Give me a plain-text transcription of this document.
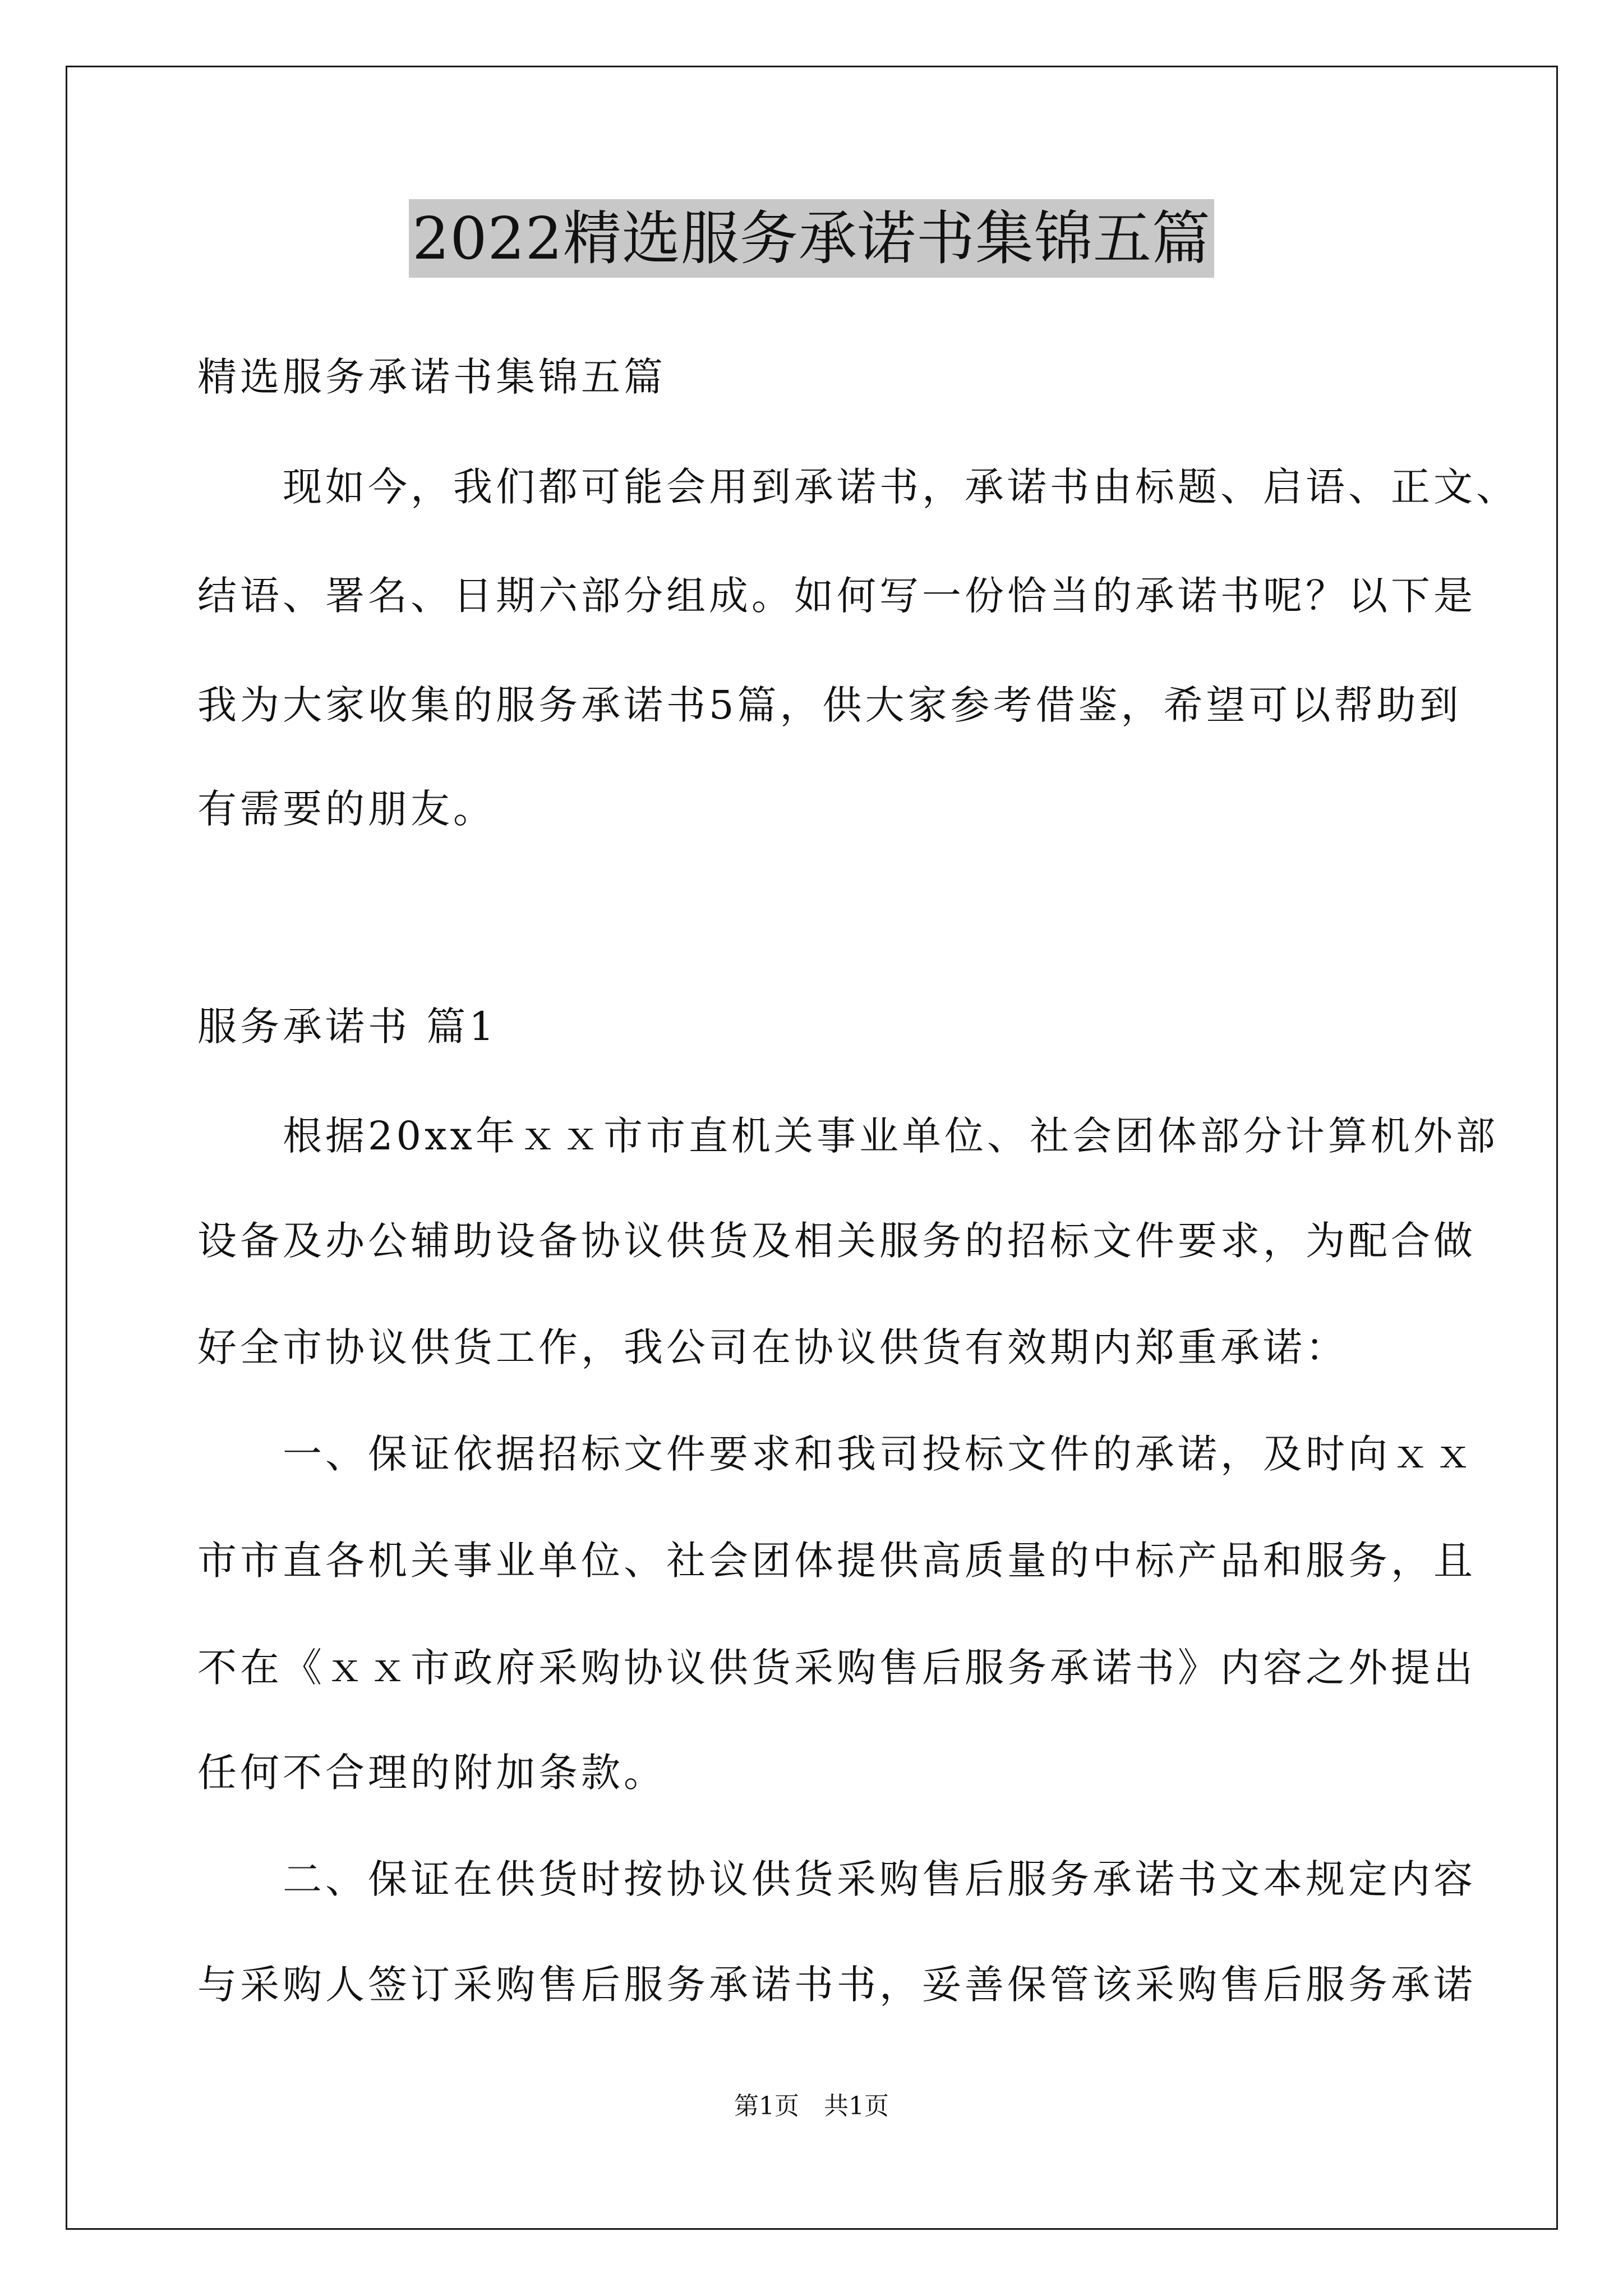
2022精选服务承诺书集锦五篇
精选服务承诺书集锦五篇
　　现如今，我们都可能会用到承诺书，承诺书由标题、启语、正文、
结语、署名、日期六部分组成。如何写一份恰当的承诺书呢？以下是
我为大家收集的服务承诺书5篇，供大家参考借鉴，希望可以帮助到
有需要的朋友。
服务承诺书 篇1
　　根据20xx年ｘｘ市市直机关事业单位、社会团体部分计算机外部
设备及办公辅助设备协议供货及相关服务的招标文件要求，为配合做
好全市协议供货工作，我公司在协议供货有效期内郑重承诺：
　　一、保证依据招标文件要求和我司投标文件的承诺，及时向ｘｘ
市市直各机关事业单位、社会团体提供高质量的中标产品和服务，且
不在《ｘｘ市政府采购协议供货采购售后服务承诺书》内容之外提出
任何不合理的附加条款。
　　二、保证在供货时按协议供货采购售后服务承诺书文本规定内容
与采购人签订采购售后服务承诺书书，妥善保管该采购售后服务承诺
第1页　共1页
